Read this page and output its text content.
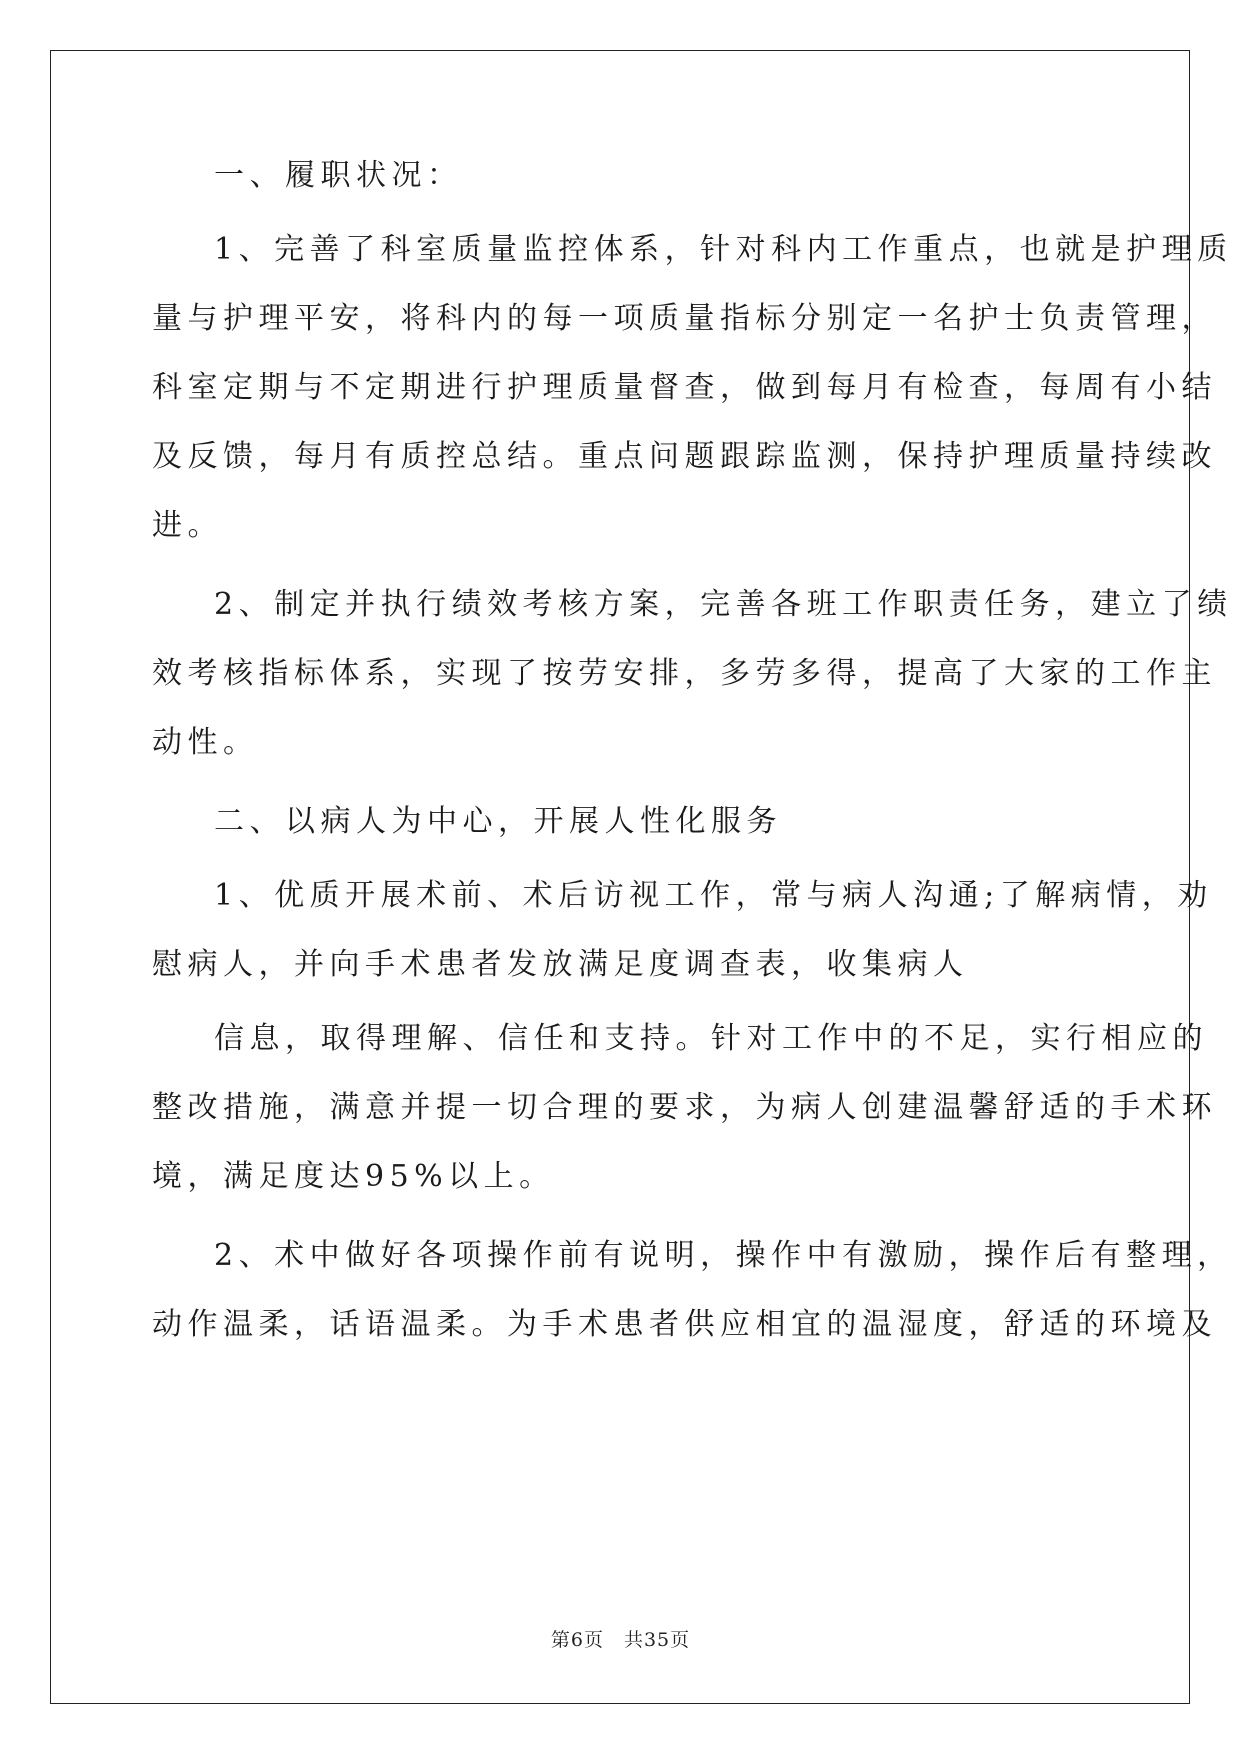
一、履职状况：
1、完善了科室质量监控体系，针对科内工作重点，也就是护理质
量与护理平安，将科内的每一项质量指标分别定一名护士负责管理，
科室定期与不定期进行护理质量督查，做到每月有检查，每周有小结
及反馈，每月有质控总结。重点问题跟踪监测，保持护理质量持续改
进。
2、制定并执行绩效考核方案，完善各班工作职责任务，建立了绩
效考核指标体系，实现了按劳安排，多劳多得，提高了大家的工作主
动性。
二、以病人为中心，开展人性化服务
1、优质开展术前、术后访视工作，常与病人沟通;了解病情，劝
慰病人，并向手术患者发放满足度调查表，收集病人
信息，取得理解、信任和支持。针对工作中的不足，实行相应的
整改措施，满意并提一切合理的要求，为病人创建温馨舒适的手术环
境，满足度达95%以上。
2、术中做好各项操作前有说明，操作中有激励，操作后有整理，
动作温柔，话语温柔。为手术患者供应相宜的温湿度，舒适的环境及
第6页　共35页
